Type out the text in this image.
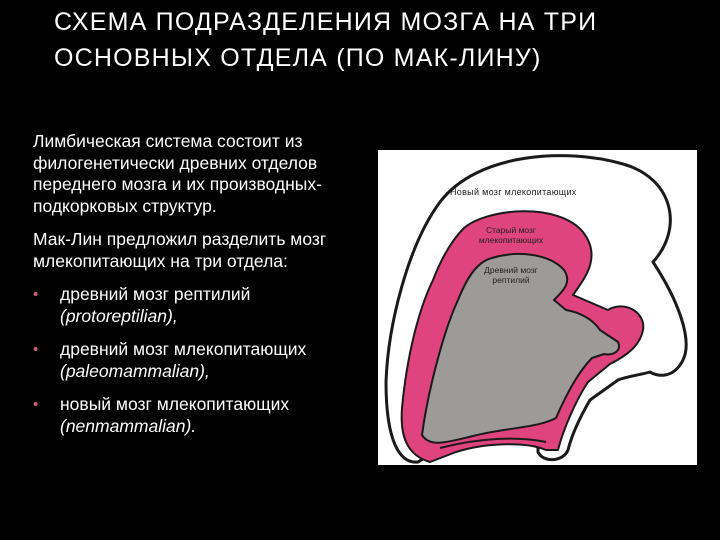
СХЕМА ПОДРАЗДЕЛЕНИЯ МОЗГА НА ТРИ ОСНОВНЫХ ОТДЕЛА (ПО МАК-ЛИНУ)

Лимбическая система состоит из филогенетически древних отделов переднего мозга и их производных-подкорковых структур.

Мак-Лин предложил разделить мозг млекопитающих на три отдела:

• древний мозг рептилий
(protoreptilian),
• древний мозг млекопитающих
(paleomammalian),
• новый мозг млекопитающих
(nenmammalian).
Новый мозг млекопитающих
Старый мозг млекопитающих
Древний мозг рептилий
